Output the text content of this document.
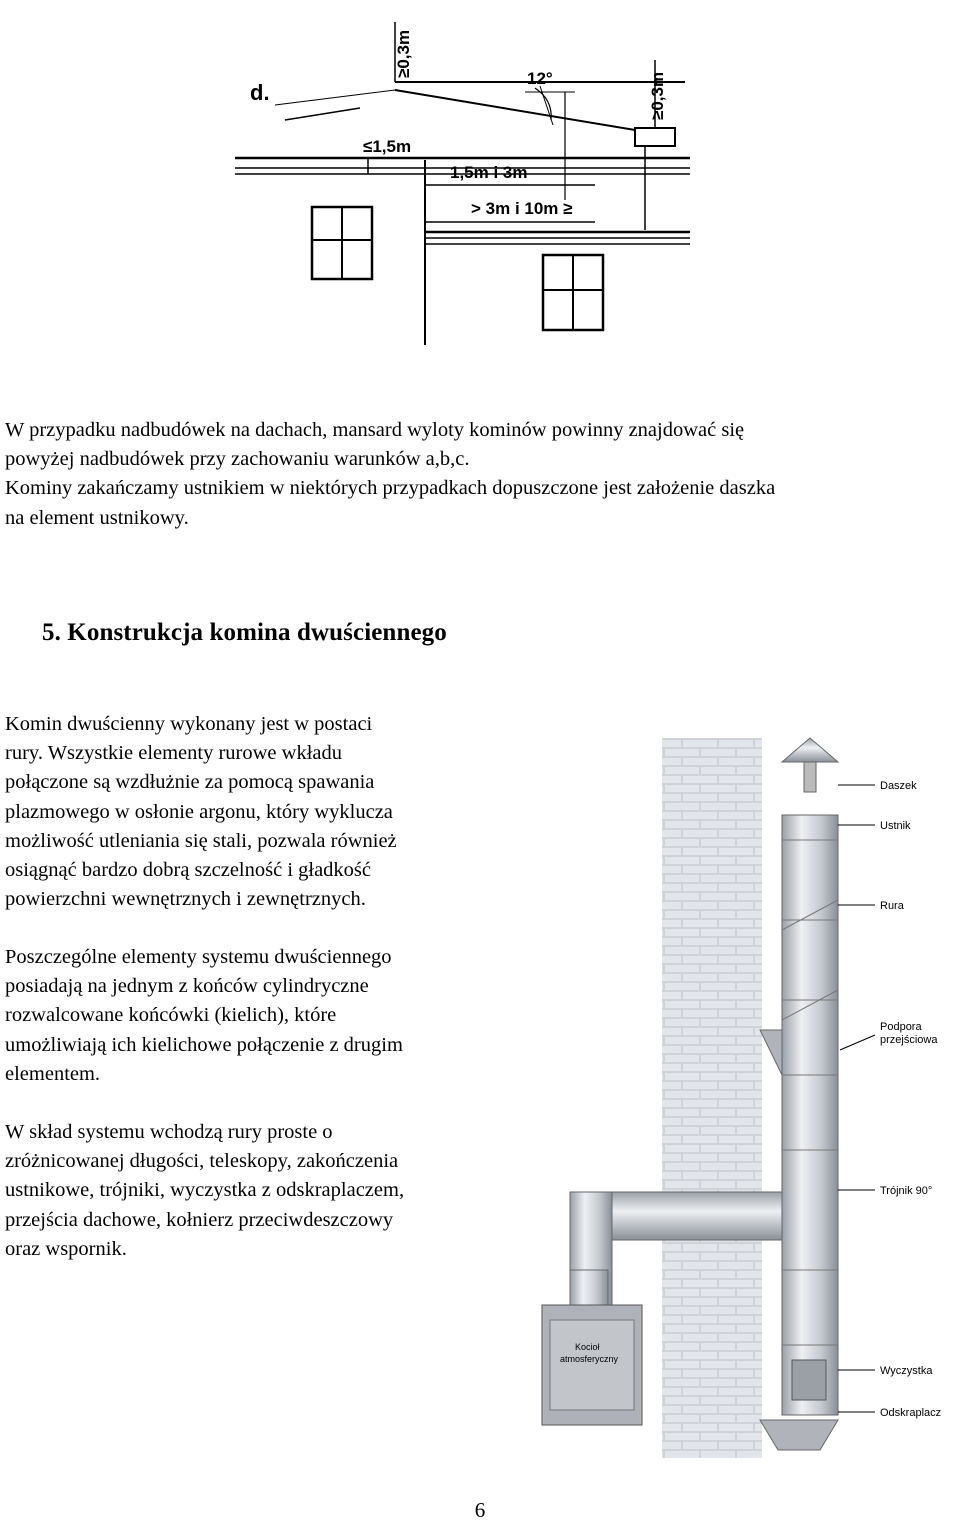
d.
≥0,3m
12°	≥0,3m
≤1,5m
1,5m i 3m
> 3m i 10m ≥

W przypadku nadbudówek na dachach, mansard wyloty kominów powinny znajdować się
powyżej nadbudówek przy zachowaniu warunków a,b,c.
Kominy zakańczamy ustnikiem w niektórych przypadkach dopuszczone jest założenie daszka
na element ustnikowy.

5. Konstrukcja komina dwuściennego

Komin dwuścienny wykonany jest w postaci
rury. Wszystkie elementy rurowe wkładu
połączone są wzdłużnie za pomocą spawania
plazmowego w osłonie argonu, który wyklucza
możliwość utleniania się stali, pozwala również
osiągnąć bardzo dobrą szczelność i gładkość
powierzchni wewnętrznych i zewnętrznych.

Poszczególne elementy systemu dwuściennego
posiadają na jednym z końców cylindryczne
rozwalcowane końcówki (kielich), które
umożliwiają ich kielichowe połączenie z drugim
elementem.

W skład systemu wchodzą rury proste o
zróżnicowanej długości, teleskopy, zakończenia
ustnikowe, trójniki, wyczystka z odskraplaczem,
przejścia dachowe, kołnierz przeciwdeszczowy
oraz wspornik.

Daszek
Ustnik
Rura
Podpora
przejściowa
Trójnik 90°
Wyczystka
Odskraplacz
Kocioł
atmosferyczny
6
